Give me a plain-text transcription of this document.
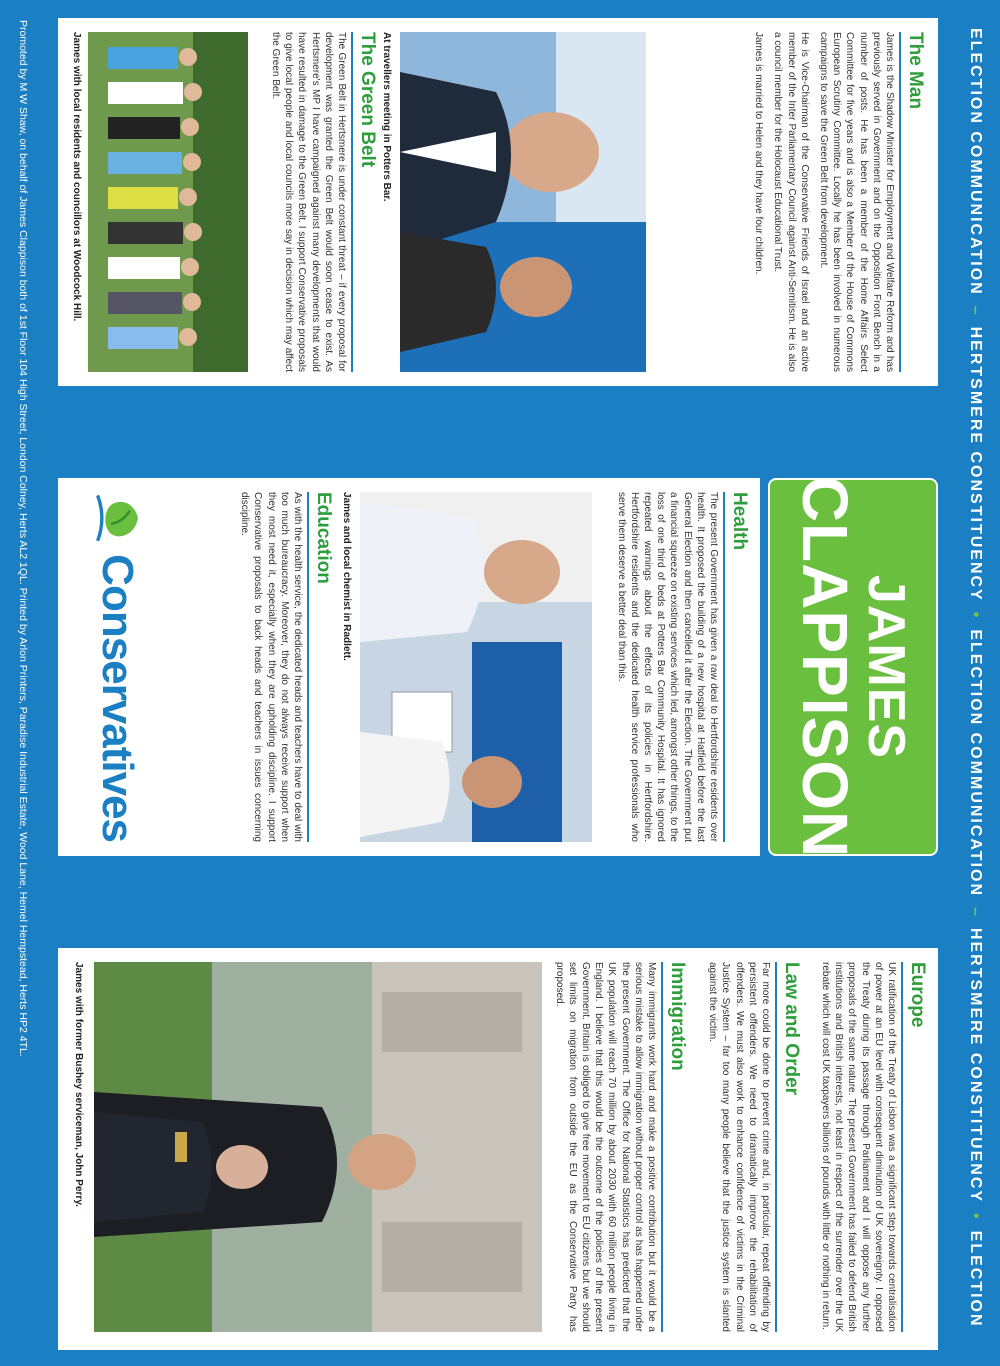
ELECTION COMMUNICATION
–
HERTSMERE CONSTITUENCY
•
ELECTION COMMUNICATION
–
HERTSMERE CONSTITUENCY
•
ELECTION
The Man

James is the Shadow Minister for Employment and Welfare Reform and has previously served in Government and on the Opposition Front Bench in a number of posts. He has been a member of the Home Affairs Select Committee for five years and is also a Member of the House of Commons European Scrutiny Committee. Locally he has been involved in numerous campaigns to save the Green Belt from development.

He is Vice-Chairman of the Conservative Friends of Israel and an active member of the Inter Parliamentary Council against Anti-Semitism. He is also a council member for the Holocaust Educational Trust.

James is married to Helen and they have four children.

At travellers meeting in Potters Bar.
The Green Belt

The Green Belt in Hertsmere is under constant threat – if every proposal for development was granted the Green Belt would soon cease to exist. As Hertsmere's MP I have campaigned against many developments that would have resulted in damage to the Green Belt. I support Conservative proposals to give local people and local councils more say in decision which may affect the Green Belt.

James with local residents and councillors at Woodcock Hill.
JAMES
CLAPPISON
Health

The present Government has given a raw deal to Hertfordshire residents over health. It proposed the building of a new hospital at Hatfield before the last General Election and then cancelled it after the Election. The Government put a financial squeeze on existing services which led, amongst other things, to the loss of one third of beds at Potters Bar Community Hospital. It has ignored repeated warnings about the effects of its policies in Hertfordshire. Hertfordshire residents and the dedicated health service professionals who serve them deserve a better deal than this.

James and local chemist in Radlett.
Education

As with the health service, the dedicated heads and teachers have to deal with too much bureaucracy. Moreover, they do not always receive support when they most need it, especially when they are upholding discipline. I support Conservative proposals to back heads and teachers in issues concerning discipline.

Conservatives
Europe

UK ratification of the Treaty of Lisbon was a significant step towards centralisation of power at an EU level with consequent diminution of UK sovereignty. I opposed the Treaty during its passage through Parliament and I will oppose any further proposals of the same nature. The present Government has failed to defend British institutions and British interests, not least in respect of the surrender over the UK rebate which will cost UK taxpayers billions of pounds with little or nothing in return.

Law and Order

Far more could be done to prevent crime and, in particular, repeat offending by persistent offenders. We need to dramatically improve the rehabilitation of offenders. We must also work to enhance confidence of victims in the Criminal Justice System – far too many people believe that the justice system is slanted against the victim.

Immigration

Many immigrants work hard and make a positive contribution but it would be a serious mistake to allow immigration without proper control as has happened under the present Government. The Office for National Statistics has predicted that the UK population will reach 70 million by about 2030 with 60 million people living in England. I believe that this would be the outcome of the policies of the present Government. Britain is obliged to give free movement to EU citizens but we should set limits on migration from outside the EU as the Conservative Party has proposed.

James with former Bushey serviceman, John Perry.
Promoted by M W Shaw, on behalf of James Clappison both of 1st Floor 104 High Street, London Colney, Herts AL2 1QL. Printed by Arlon Printers, Paradise Industrial Estate, Wood Lane, Hemel Hempstead, Herts HP2 4TL.
